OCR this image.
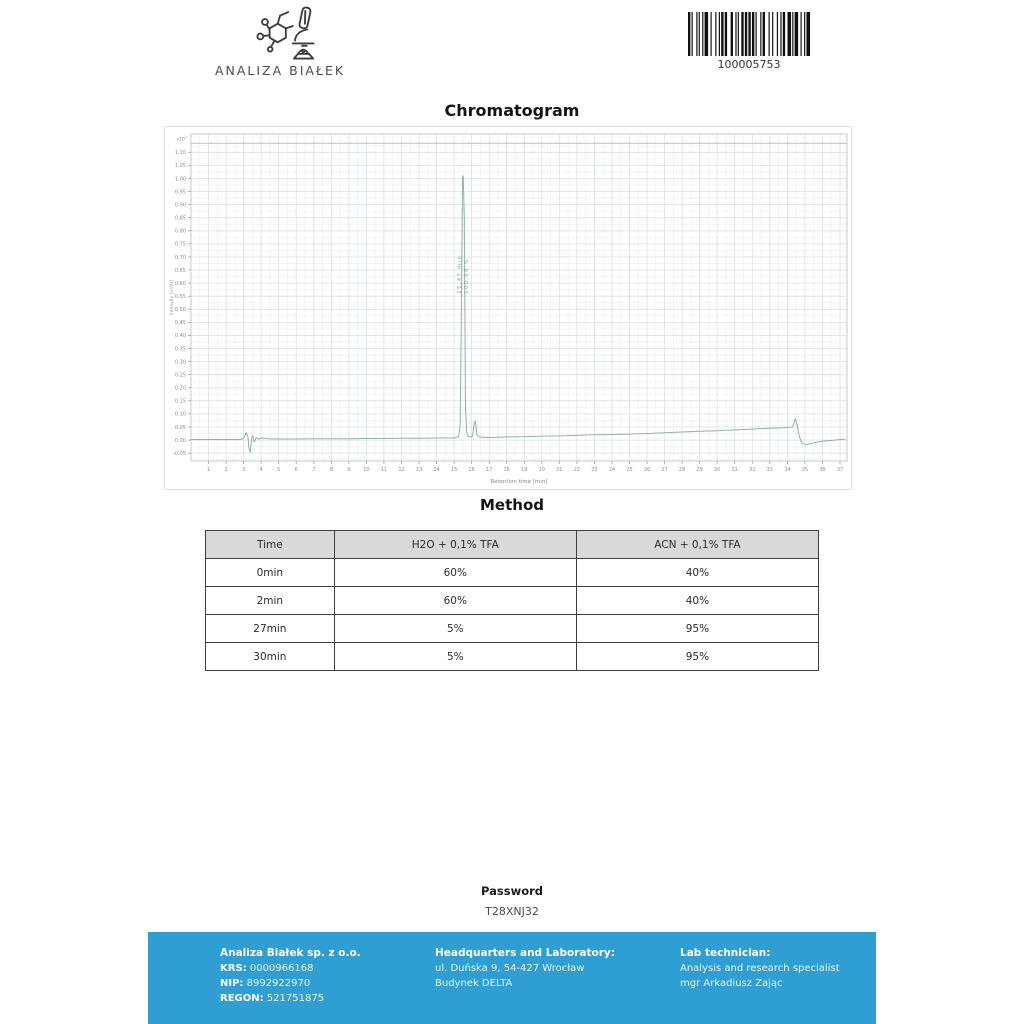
ANALIZA BIAŁEK	100005753
Chromatogram
1	2	3	4	5	6	7	8	9	10 11 12 13 14 15 16 17 18 19 20 21 22 23 24 25 26 27 28 29 30 31 32 33 34 35 36 37
-0.05
0.00
0.05
0.10
0.15
0.20
0.25
0.30
0.35
0.40
0.45
0.50
0.55
0.60
0.65
0.70
0.75
0.80
0.85
0.90
0.95
1.00
1.05
1.10
$x10^7$
Retention time [min]
Intensity [mAU]
15,47 min 100,00 %
Method
Time	H2O + 0,1% TFA	ACN + 0,1% TFA
0min	60%	40%
2min	60%	40%
27min	5%	95%
30min	5%	95%
Password
T28XNJ32
Analiza Białek sp. z o.o.
KRS: 0000966168
NIP: 8992922970
REGON: 521751875
Headquarters and Laboratory:
ul. Duńska 9, 54-427 Wrocław
Budynek DELTA
Lab technician:
Analysis and research specialist
mgr Arkadiusz Zając
